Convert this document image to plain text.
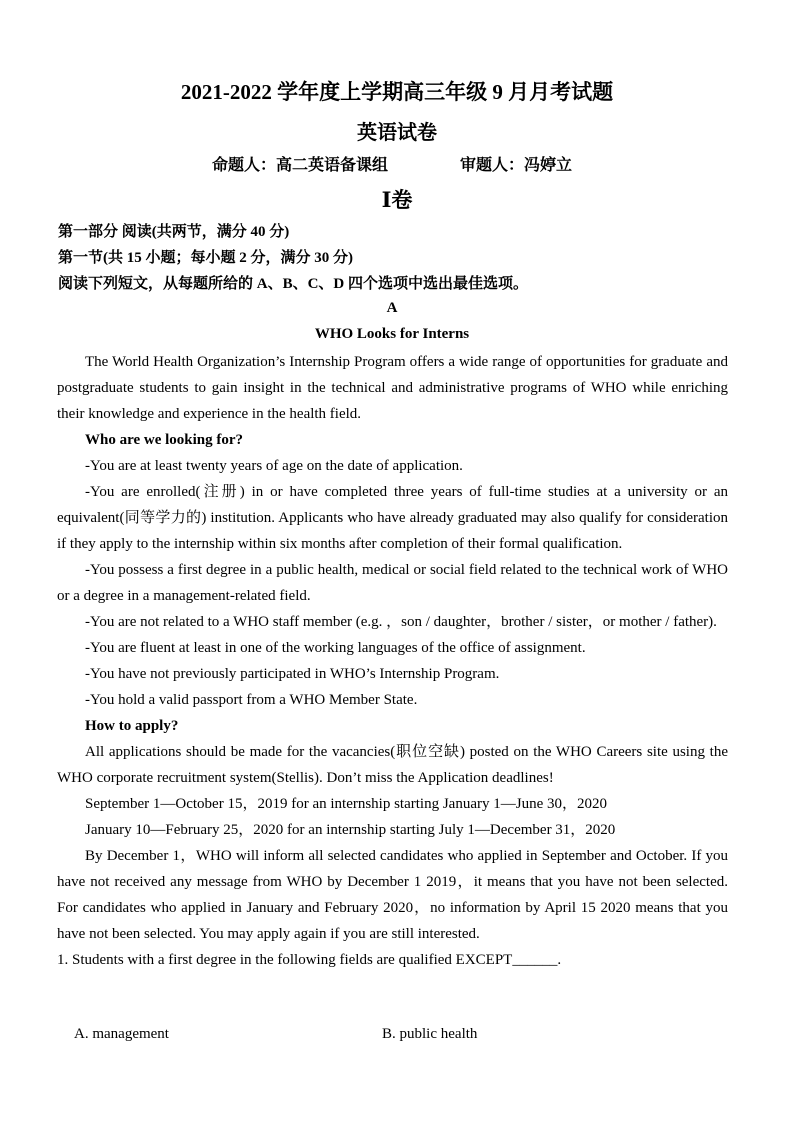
2021-2022 学年度上学期高三年级 9 月月考试题
英语试卷
命题人：高二英语备课组	审题人：冯婷立
Ⅰ卷
第一部分 阅读(共两节，满分 40 分)
第一节(共 15 小题；每小题 2 分，满分 30 分)
阅读下列短文，从每题所给的 A、B、C、D 四个选项中选出最佳选项。
A
WHO Looks for Interns

The World Health Organization’s Internship Program offers a wide range of opportunities for graduate and postgraduate students to gain insight in the technical and administrative programs of WHO while enriching their knowledge and experience in the health field.

Who are we looking for?

-You are at least twenty years of age on the date of application.

-You are enrolled(注册) in or have completed three years of full-time studies at a university or an equivalent(同等学力的) institution. Applicants who have already graduated may also qualify for consideration if they apply to the internship within six months after completion of their formal qualification.

-You possess a first degree in a public health, medical or social field related to the technical work of WHO or a degree in a management-related field.

-You are not related to a WHO staff member (e.g. ，son / daughter，brother / sister，or mother / father).

-You are fluent at least in one of the working languages of the office of assignment.

-You have not previously participated in WHO’s Internship Program.

-You hold a valid passport from a WHO Member State.

How to apply?

All applications should be made for the vacancies(职位空缺) posted on the WHO Careers site using the WHO corporate recruitment system(Stellis). Don’t miss the Application deadlines!

September 1—October 15，2019 for an internship starting January 1—June 30，2020

January 10—February 25，2020 for an internship starting July 1—December 31，2020

By December 1，WHO will inform all selected candidates who applied in September and October. If you have not received any message from WHO by December 1 2019，it means that you have not been selected. For candidates who applied in January and February 2020，no information by April 15 2020 means that you have not been selected. You may apply again if you are still interested.

1. Students with a first degree in the following fields are qualified EXCEPT______.

A. management	B. public health
